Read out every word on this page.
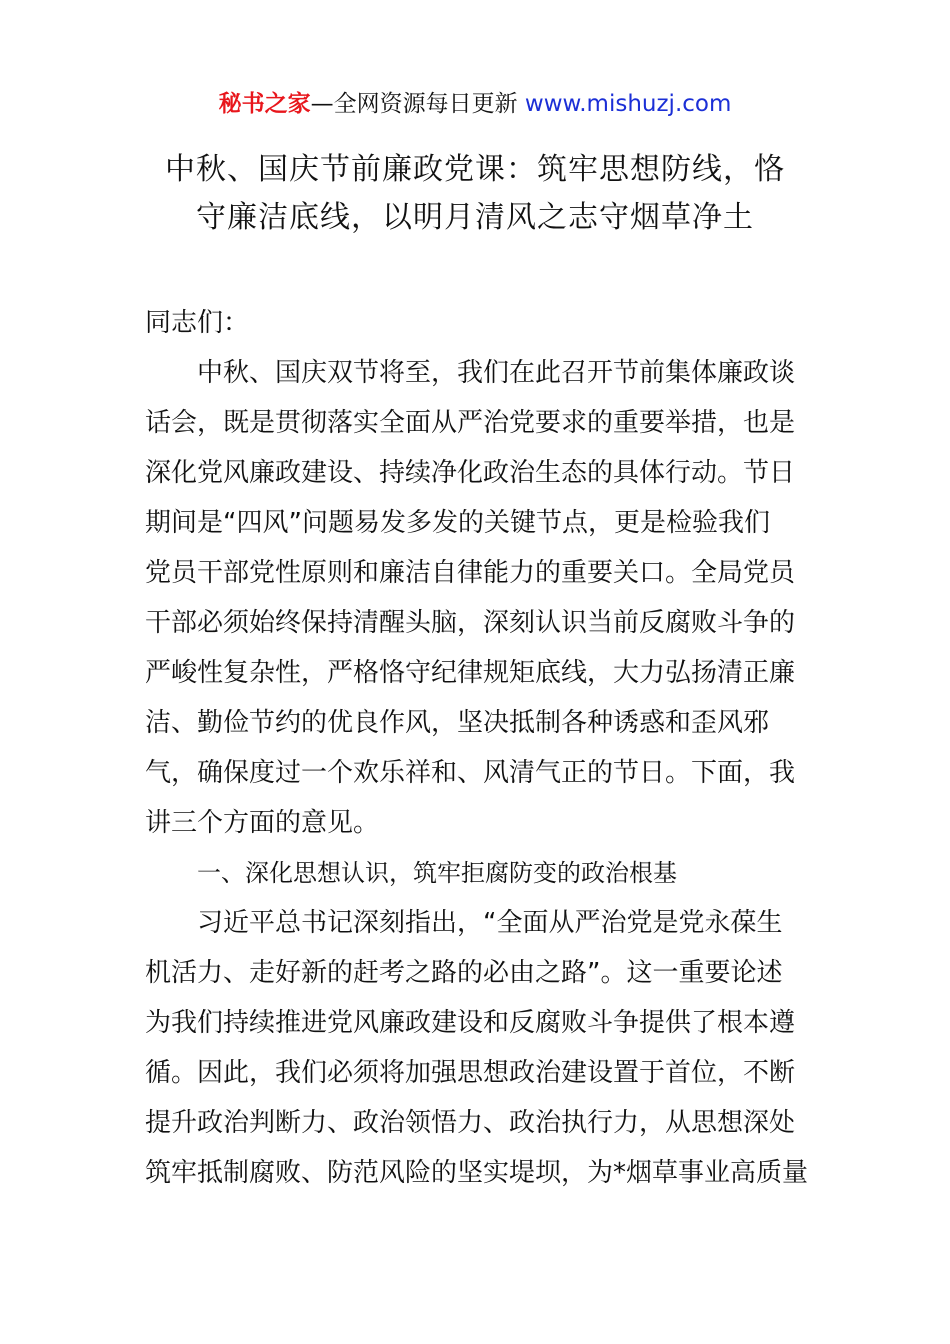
秘书之家—全网资源每日更新 www.mishuzj.com
中秋、国庆节前廉政党课：筑牢思想防线，恪
守廉洁底线，以明月清风之志守烟草净土
同志们：
中秋、国庆双节将至，我们在此召开节前集体廉政谈
话会，既是贯彻落实全面从严治党要求的重要举措，也是
深化党风廉政建设、持续净化政治生态的具体行动。节日
期间是“四风”问题易发多发的关键节点，更是检验我们
党员干部党性原则和廉洁自律能力的重要关口。全局党员
干部必须始终保持清醒头脑，深刻认识当前反腐败斗争的
严峻性复杂性，严格恪守纪律规矩底线，大力弘扬清正廉
洁、勤俭节约的优良作风，坚决抵制各种诱惑和歪风邪
气，确保度过一个欢乐祥和、风清气正的节日。下面，我
讲三个方面的意见。
一、深化思想认识，筑牢拒腐防变的政治根基
习近平总书记深刻指出，“全面从严治党是党永葆生
机活力、走好新的赶考之路的必由之路”。这一重要论述
为我们持续推进党风廉政建设和反腐败斗争提供了根本遵
循。因此，我们必须将加强思想政治建设置于首位，不断
提升政治判断力、政治领悟力、政治执行力，从思想深处
筑牢抵制腐败、防范风险的坚实堤坝，为*烟草事业高质量
